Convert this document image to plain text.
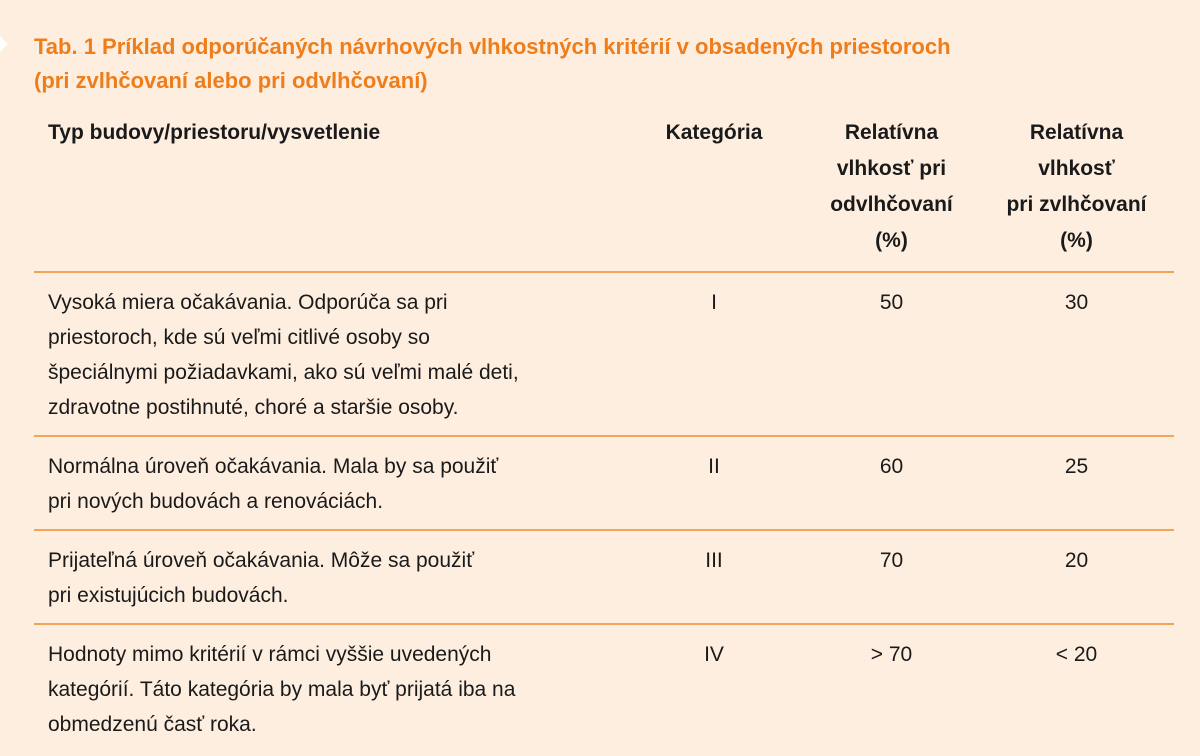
Tab. 1 Príklad odporúčaných návrhových vlhkostných kritérií v obsadených priestoroch
(pri zvlhčovaní alebo pri odvlhčovaní)
Typ budovy/priestoru/vysvetlenie	Kategória	Relatívna
vlhkosť pri
odvlhčovaní
(%)	Relatívna
vlhkosť
pri zvlhčovaní
(%)

Vysoká miera očakávania. Odporúča sa pri
priestoroch, kde sú veľmi citlivé osoby so
špeciálnymi požiadavkami, ako sú veľmi malé deti,
zdravotne postihnuté, choré a staršie osoby.	I	50	30

Normálna úroveň očakávania. Mala by sa použiť
pri nových budovách a renováciách.	II	60	25

Prijateľná úroveň očakávania. Môže sa použiť
pri existujúcich budovách.	III	70	20

Hodnoty mimo kritérií v rámci vyššie uvedených
kategórií. Táto kategória by mala byť prijatá iba na
obmedzenú časť roka.	IV	> 70	< 20
